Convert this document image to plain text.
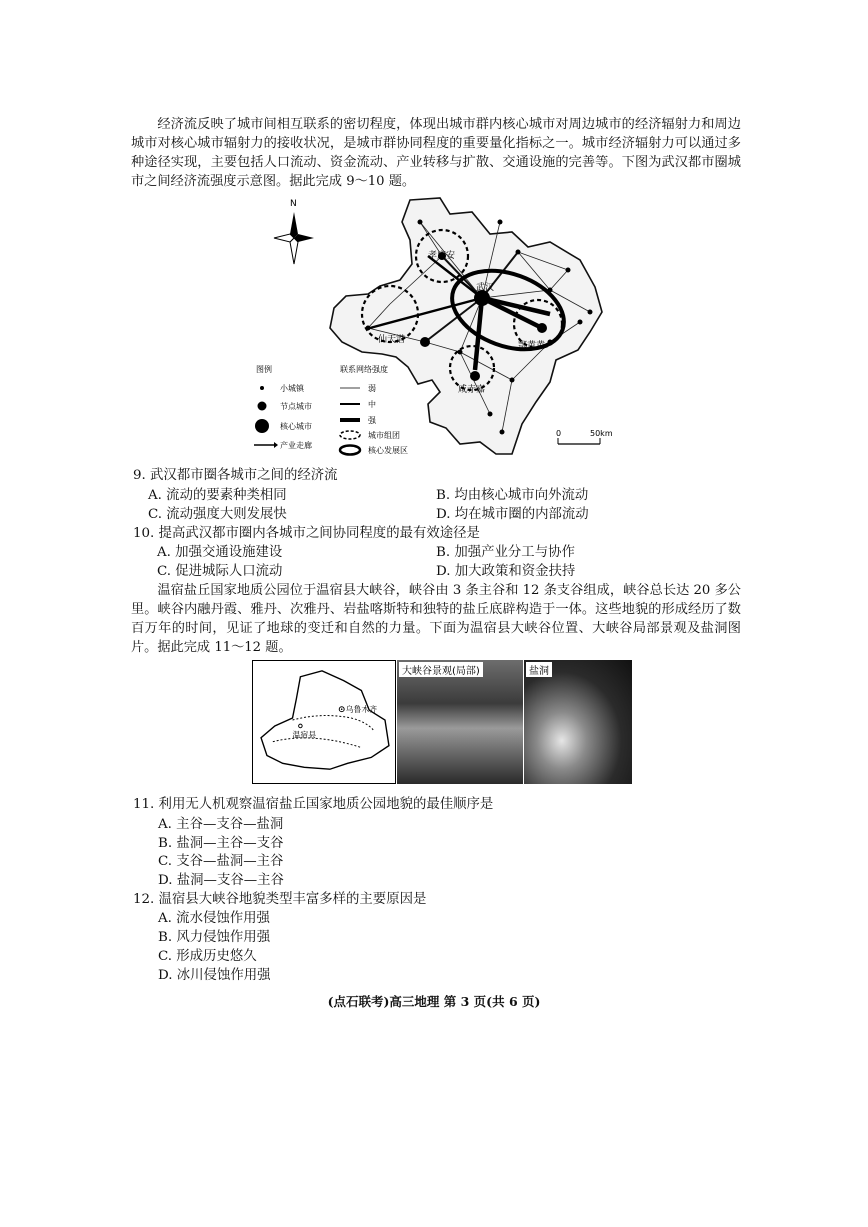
经济流反映了城市间相互联系的密切程度，体现出城市群内核心城市对周边城市的经济辐射力和周边城市对核心城市辐射力的接收状况，是城市群协同程度的重要量化指标之一。城市经济辐射力可以通过多种途径实现，主要包括人口流动、资金流动、产业转移与扩散、交通设施的完善等。下图为武汉都市圈城市之间经济流强度示意图。据此完成 9～10 题。

孝应安
武汉
仙天潜
鄂黄黄
咸赤嘉
N
图例	联系网络强度
小城镇
节点城市
核心城市
产业走廊
弱
中
强
城市组团
核心发展区
0	50km

9. 武汉都市圈各城市之间的经济流

A. 流动的要素种类相同	B. 均由核心城市向外流动
C. 流动强度大则发展快	D. 均在城市圈的内部流动

10. 提高武汉都市圈内各城市之间协同程度的最有效途径是

A. 加强交通设施建设	B. 加强产业分工与协作
C. 促进城际人口流动	D. 加大政策和资金扶持

温宿盐丘国家地质公园位于温宿县大峡谷，峡谷由 3 条主谷和 12 条支谷组成，峡谷总长达 20 多公里。峡谷内融丹霞、雅丹、次雅丹、岩盐喀斯特和独特的盐丘底辟构造于一体。这些地貌的形成经历了数百万年的时间，见证了地球的变迁和自然的力量。下面为温宿县大峡谷位置、大峡谷局部景观及盐洞图片。据此完成 11～12 题。

乌鲁木齐
温宿县
大峡谷景观(局部)	盐洞

11. 利用无人机观察温宿盐丘国家地质公园地貌的最佳顺序是

A. 主谷—支谷—盐洞
B. 盐洞—主谷—支谷
C. 支谷—盐洞—主谷
D. 盐洞—支谷—主谷

12. 温宿县大峡谷地貌类型丰富多样的主要原因是

A. 流水侵蚀作用强
B. 风力侵蚀作用强
C. 形成历史悠久
D. 冰川侵蚀作用强
(点石联考)高三地理 第 3 页(共 6 页)
